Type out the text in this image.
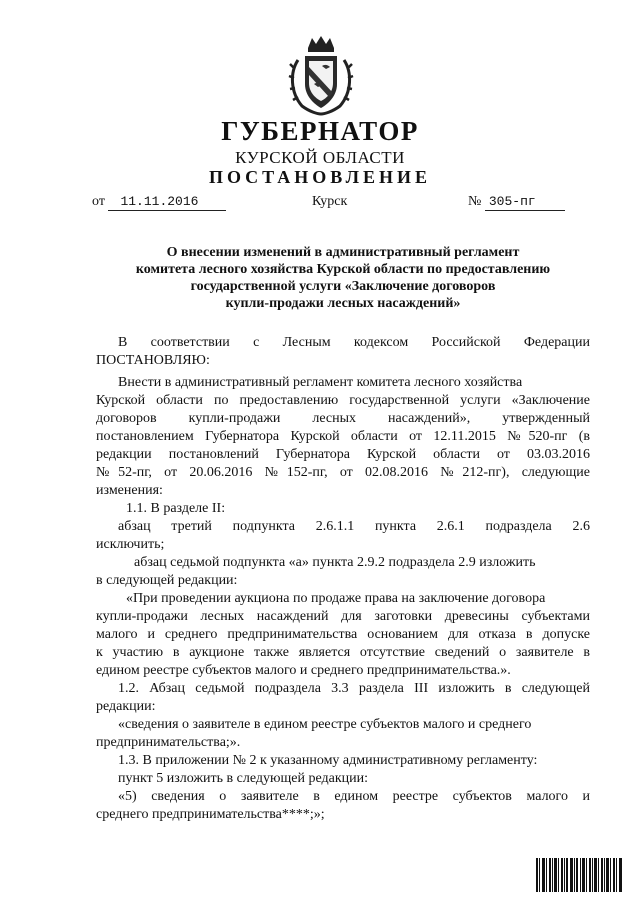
ГУБЕРНАТОР
КУРСКОЙ ОБЛАСТИ
ПОСТАНОВЛЕНИЕ
от 11.11.2016	Курск	№ 305-пг
О внесении изменений в административный регламент
комитета лесного хозяйства Курской области по предоставлению
государственной услуги «Заключение договоров
купли-продажи лесных насаждений»
В соответствии с Лесным кодексом Российской Федерации
ПОСТАНОВЛЯЮ:
Внести в административный регламент комитета лесного хозяйства
Курской области по предоставлению государственной услуги «Заключение
договоров купли-продажи лесных насаждений», утвержденный
постановлением Губернатора Курской области от 12.11.2015 №520-пг (в
редакции постановлений Губернатора Курской области от 03.03.2016
№52-пг, от 20.06.2016 №152-пг, от 02.08.2016 №212-пг), следующие
изменения:
1.1. В разделе II:
абзац третий подпункта 2.6.1.1 пункта 2.6.1 подраздела 2.6
исключить;
абзац седьмой подпункта «а» пункта 2.9.2 подраздела 2.9 изложить
в следующей редакции:
«При проведении аукциона по продаже права на заключение договора
купли-продажи лесных насаждений для заготовки древесины субъектами
малого и среднего предпринимательства основанием для отказа в допуске
к участию в аукционе также является отсутствие сведений о заявителе в
едином реестре субъектов малого и среднего предпринимательства.».
1.2. Абзац седьмой подраздела 3.3 раздела III изложить в следующей
редакции:
«сведения о заявителе в едином реестре субъектов малого и среднего
предпринимательства;».
1.3. В приложении № 2 к указанному административному регламенту:
пункт 5 изложить в следующей редакции:
«5) сведения о заявителе в едином реестре субъектов малого и
среднего предпринимательства****;»;
